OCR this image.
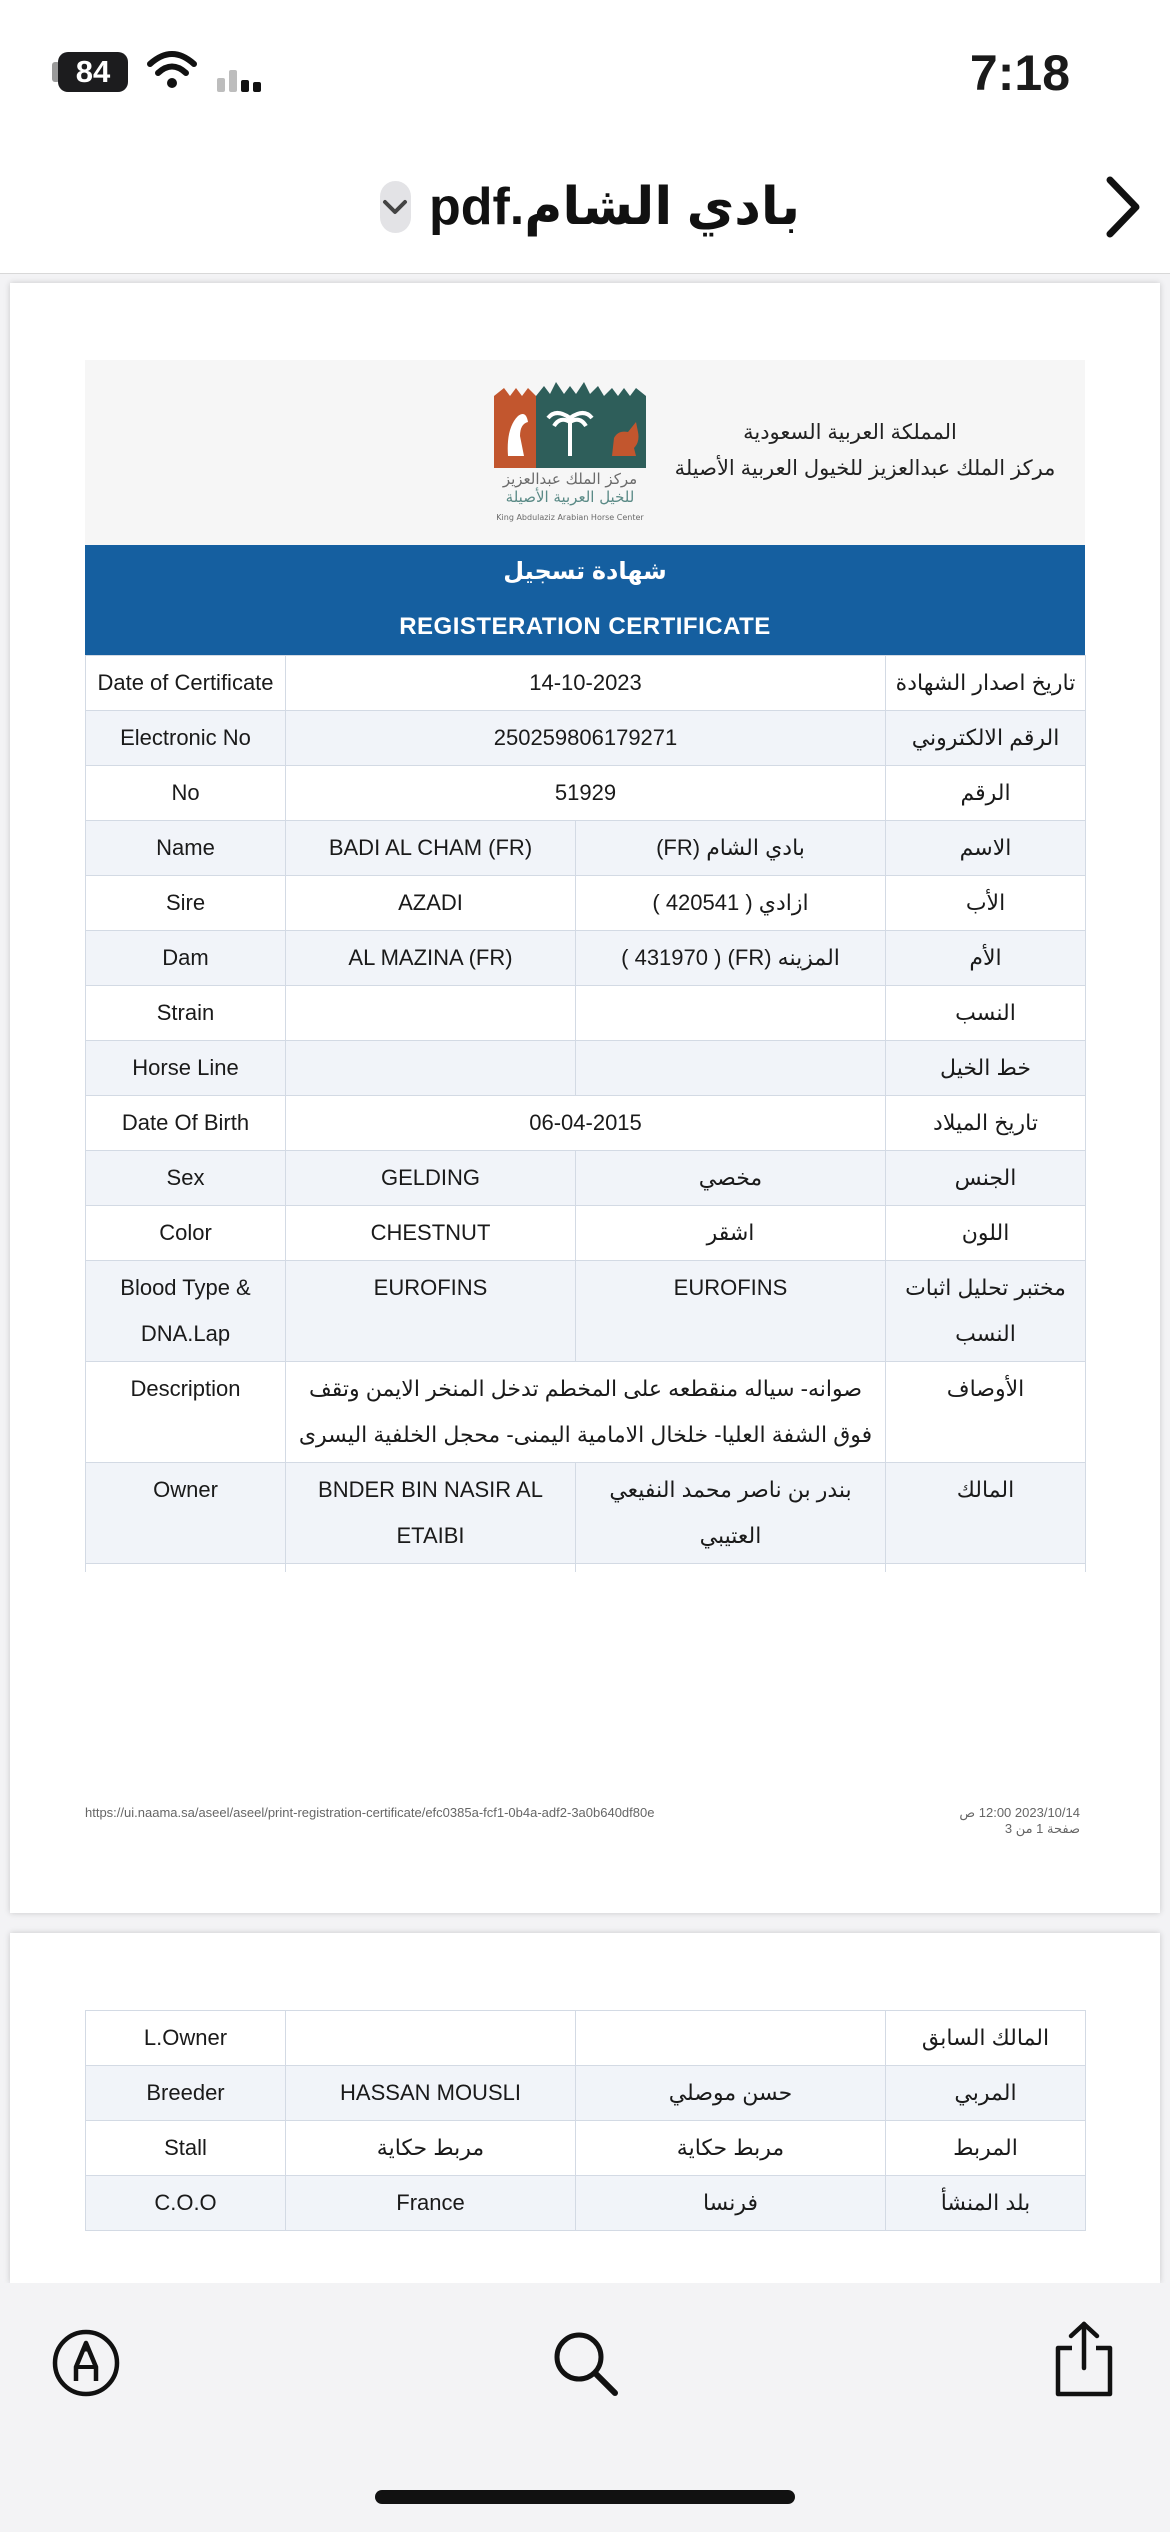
84	7:18
بادي الشام.pdf
مركز الملك عبدالعزيز
للخيل العربية الأصيلة
King Abdulaziz Arabian Horse Center
المملكة العربية السعودية
مركز الملك عبدالعزيز للخيول العربية الأصيلة
شهادة تسجيل
REGISTERATION CERTIFICATE
Date of Certificate	14-10-2023		تاريخ اصدار الشهادة
Electronic No	250259806179271		الرقم الالكتروني
No	51929		الرقم
Name	BADI AL CHAM (FR)	بادي الشام (FR)	الاسم
Sire	AZADI	ازادي ( 420541 )	الأب
Dam	AL MAZINA (FR)	المزينه (FR) ( 431970 )	الأم
Strain			النسب
Horse Line			خط الخيل
Date Of Birth	06-04-2015		تاريخ الميلاد
Sex	GELDING	مخصي	الجنس
Color	CHESTNUT	اشقر	اللون
Blood Type & DNA.Lap	EUROFINS	EUROFINS	مختبر تحليل اثبات النسب
Description	صوانه- سياله منقطعه على المخطم تدخل المنخر الايمن وتقف فوق الشفة العليا- خلخال الامامية اليمنى- محجل الخلفية اليسرى		الأوصاف
Owner	BNDER BIN NASIR AL ETAIBI	بندر بن ناصر محمد النفيعي العتيبي	المالك

https://ui.naama.sa/aseel/aseel/print-registration-certificate/efc0385a-fcf1-0b4a-adf2-3a0b640df80e	2023/10/14 12:00 ص
صفحة 1 من 3
L.Owner			المالك السابق
Breeder	HASSAN MOUSLI	حسن موصلي	المربي
Stall	مربط حكاية	مربط حكاية	المربط
C.O.O	France	فرنسا	بلد المنشأ
